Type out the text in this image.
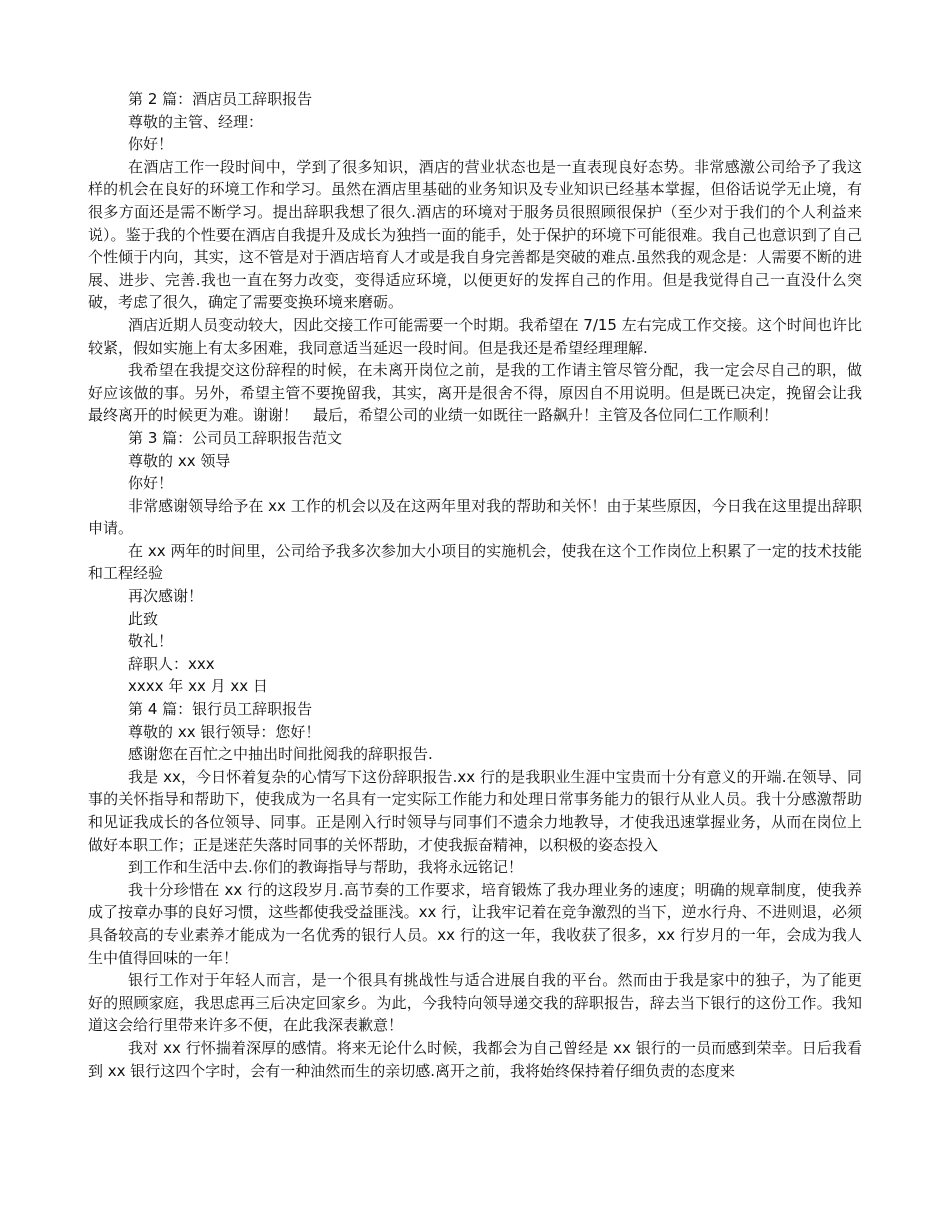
第 2 篇：酒店员工辞职报告

尊敬的主管、经理：

你好！

在酒店工作一段时间中，学到了很多知识，酒店的营业状态也是一直表现良好态势。非常感激公司给予了我这样的机会在良好的环境工作和学习。虽然在酒店里基础的业务知识及专业知识已经基本掌握，但俗话说学无止境，有很多方面还是需不断学习。提出辞职我想了很久.酒店的环境对于服务员很照顾很保护（至少对于我们的个人利益来说）。鉴于我的个性要在酒店自我提升及成长为独挡一面的能手，处于保护的环境下可能很难。我自己也意识到了自己个性倾于内向，其实，这不管是对于酒店培育人才或是我自身完善都是突破的难点.虽然我的观念是：人需要不断的进展、进步、完善.我也一直在努力改变，变得适应环境，以便更好的发挥自己的作用。但是我觉得自己一直没什么突破，考虑了很久，确定了需要变换环境来磨砺。

酒店近期人员变动较大，因此交接工作可能需要一个时期。我希望在 7/15 左右完成工作交接。这个时间也许比较紧，假如实施上有太多困难，我同意适当延迟一段时间。但是我还是希望经理理解.

我希望在我提交这份辞程的时候，在未离开岗位之前，是我的工作请主管尽管分配，我一定会尽自己的职，做好应该做的事。另外，希望主管不要挽留我，其实，离开是很舍不得，原因自不用说明。但是既已决定，挽留会让我最终离开的时候更为难。谢谢！　最后，希望公司的业绩一如既往一路飙升！主管及各位同仁工作顺利！

第 3 篇：公司员工辞职报告范文

尊敬的 xx 领导

你好！

非常感谢领导给予在 xx 工作的机会以及在这两年里对我的帮助和关怀！由于某些原因，今日我在这里提出辞职申请。

在 xx 两年的时间里，公司给予我多次参加大小项目的实施机会，使我在这个工作岗位上积累了一定的技术技能和工程经验

再次感谢！

此致

敬礼！

辞职人：xxx

xxxx 年 xx 月 xx 日

第 4 篇：银行员工辞职报告

尊敬的 xx 银行领导：您好！

感谢您在百忙之中抽出时间批阅我的辞职报告.

我是 xx，今日怀着复杂的心情写下这份辞职报告.xx 行的是我职业生涯中宝贵而十分有意义的开端.在领导、同事的关怀指导和帮助下，使我成为一名具有一定实际工作能力和处理日常事务能力的银行从业人员。我十分感激帮助和见证我成长的各位领导、同事。正是刚入行时领导与同事们不遗余力地教导，才使我迅速掌握业务，从而在岗位上做好本职工作；正是迷茫失落时同事的关怀帮助，才使我振奋精神，以积极的姿态投入

到工作和生活中去.你们的教诲指导与帮助，我将永远铭记！

我十分珍惜在 xx 行的这段岁月.高节奏的工作要求，培育锻炼了我办理业务的速度；明确的规章制度，使我养成了按章办事的良好习惯，这些都使我受益匪浅。xx 行，让我牢记着在竞争激烈的当下，逆水行舟、不进则退，必须具备较高的专业素养才能成为一名优秀的银行人员。xx 行的这一年，我收获了很多，xx 行岁月的一年，会成为我人生中值得回味的一年！

银行工作对于年轻人而言，是一个很具有挑战性与适合进展自我的平台。然而由于我是家中的独子，为了能更好的照顾家庭，我思虑再三后决定回家乡。为此，今我特向领导递交我的辞职报告，辞去当下银行的这份工作。我知道这会给行里带来许多不便，在此我深表歉意！

我对 xx 行怀揣着深厚的感情。将来无论什么时候，我都会为自己曾经是 xx 银行的一员而感到荣幸。日后我看到 xx 银行这四个字时，会有一种油然而生的亲切感.离开之前，我将始终保持着仔细负责的态度来
